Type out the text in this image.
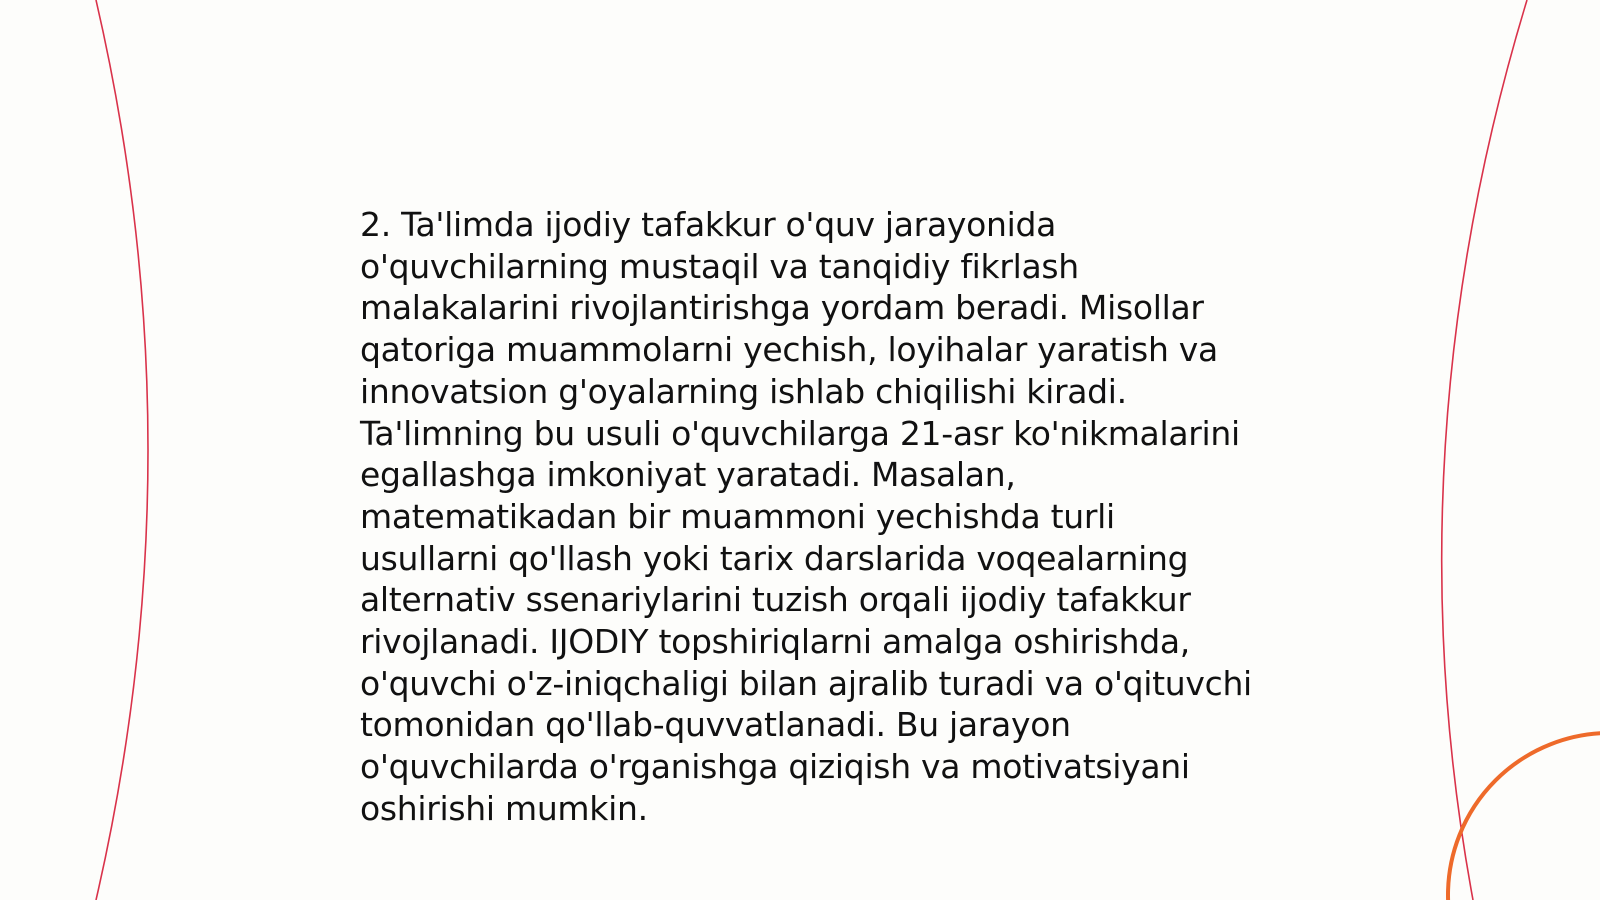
2. Ta'limda ijodiy tafakkur o'quv jarayonida
o'quvchilarning mustaqil va tanqidiy fikrlash
malakalarini rivojlantirishga yordam beradi. Misollar
qatoriga muammolarni yechish, loyihalar yaratish va
innovatsion g'oyalarning ishlab chiqilishi kiradi.
Ta'limning bu usuli o'quvchilarga 21-asr ko'nikmalarini
egallashga imkoniyat yaratadi. Masalan,
matematikadan bir muammoni yechishda turli
usullarni qo'llash yoki tarix darslarida voqealarning
alternativ ssenariylarini tuzish orqali ijodiy tafakkur
rivojlanadi. IJODIY topshiriqlarni amalga oshirishda,
o'quvchi o'z-iniqchaligi bilan ajralib turadi va o'qituvchi
tomonidan qo'llab-quvvatlanadi. Bu jarayon
o'quvchilarda o'rganishga qiziqish va motivatsiyani
oshirishi mumkin.
